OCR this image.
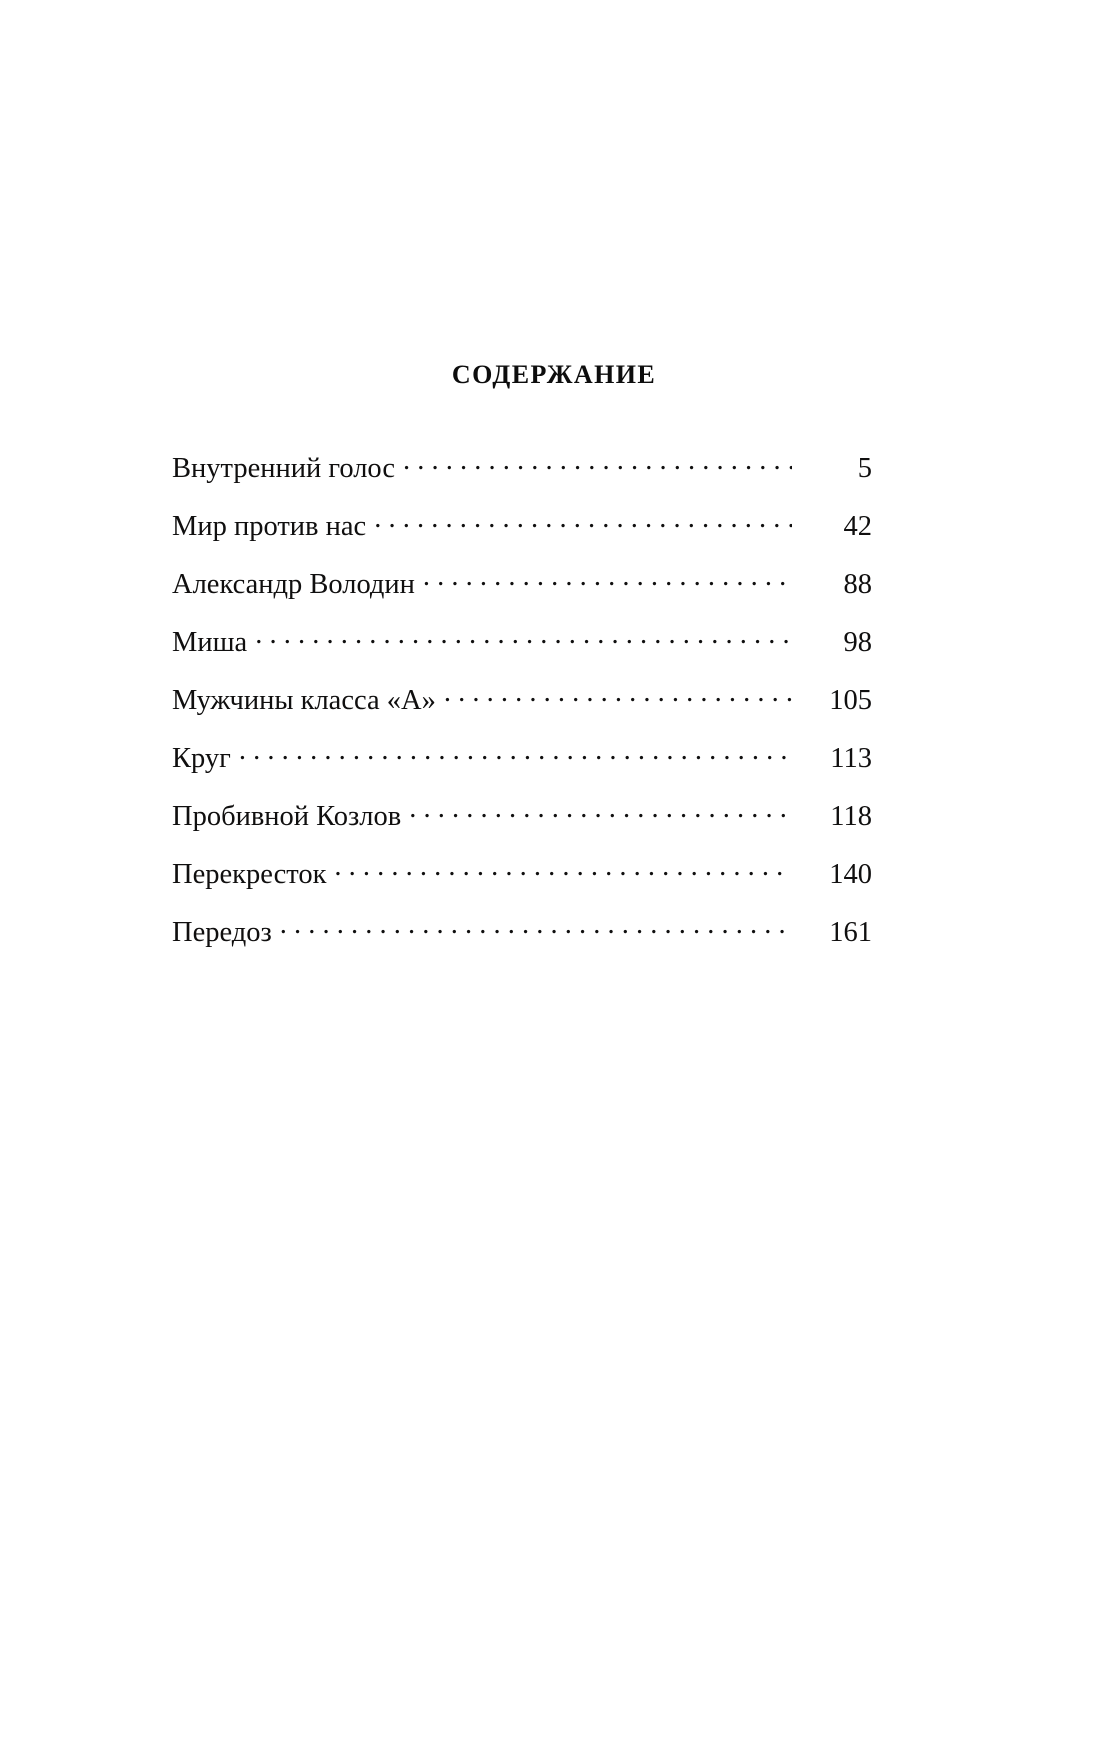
СОДЕРЖАНИЕ
Внутренний голос . . .	5
Мир против нас . . .	42
Александр Володин . . .	88
Миша . . .	98
Мужчины класса «А» . . .	105
Круг . . .	113
Пробивной Козлов . . .	118
Перекресток . . .	140
Передоз . . .	161
